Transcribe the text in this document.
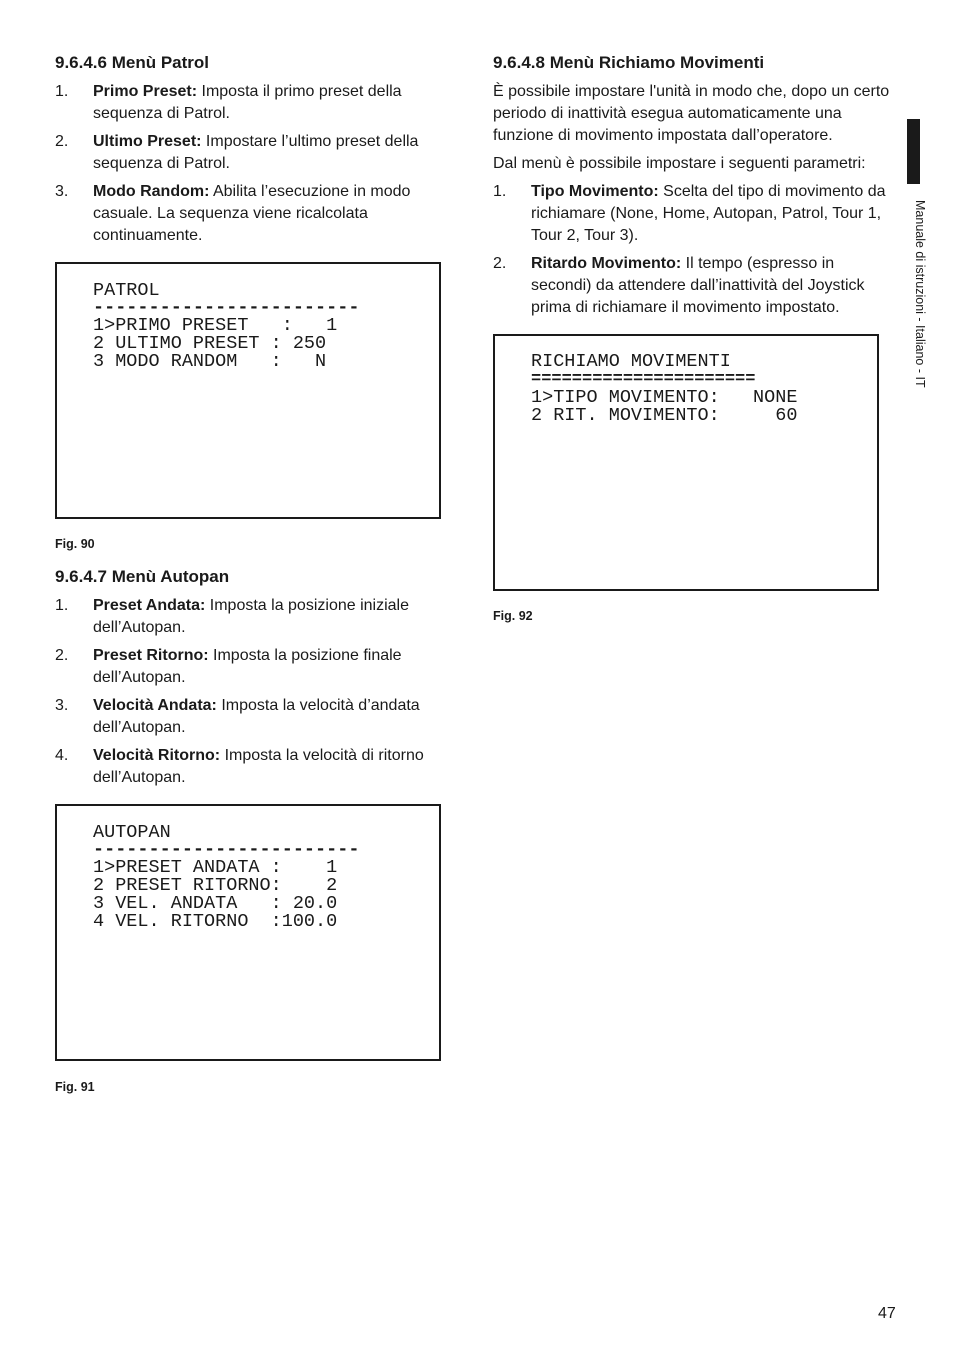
9.6.4.6 Menù Patrol
1. Primo Preset: Imposta il primo preset della sequenza di Patrol.
2. Ultimo Preset: Impostare l’ultimo preset della sequenza di Patrol.
3. Modo Random: Abilita l’esecuzione in modo casuale. La sequenza viene ricalcolata continuamente.
PATROL
------------------------
1>PRIMO PRESET   :   1
2 ULTIMO PRESET : 250
3 MODO RANDOM   :   N
Fig. 90
9.6.4.7 Menù Autopan
1. Preset Andata: Imposta la posizione iniziale dell’Autopan.
2. Preset Ritorno: Imposta la posizione finale dell’Autopan.
3. Velocità Andata: Imposta la velocità d’andata dell’Autopan.
4. Velocità Ritorno: Imposta la velocità di ritorno dell’Autopan.
AUTOPAN
------------------------
1>PRESET ANDATA :    1
2 PRESET RITORNO:    2
3 VEL. ANDATA   : 20.0
4 VEL. RITORNO  :100.0
Fig. 91
9.6.4.8 Menù Richiamo Movimenti
È possibile impostare l'unità in modo che, dopo un certo periodo di inattività esegua automaticamente una funzione di movimento impostata dall’operatore.
Dal menù è possibile impostare i seguenti parametri:
1. Tipo Movimento: Scelta del tipo di movimento da richiamare (None, Home, Autopan, Patrol, Tour 1, Tour 2, Tour 3).
2. Ritardo Movimento: Il tempo (espresso in secondi) da attendere dall’inattività del Joystick prima di richiamare il movimento impostato.
RICHIAMO MOVIMENTI
======================
1>TIPO MOVIMENTO:   NONE
2 RIT. MOVIMENTO:     60
Fig. 92
Manuale di istruzioni - Italiano - IT
47
